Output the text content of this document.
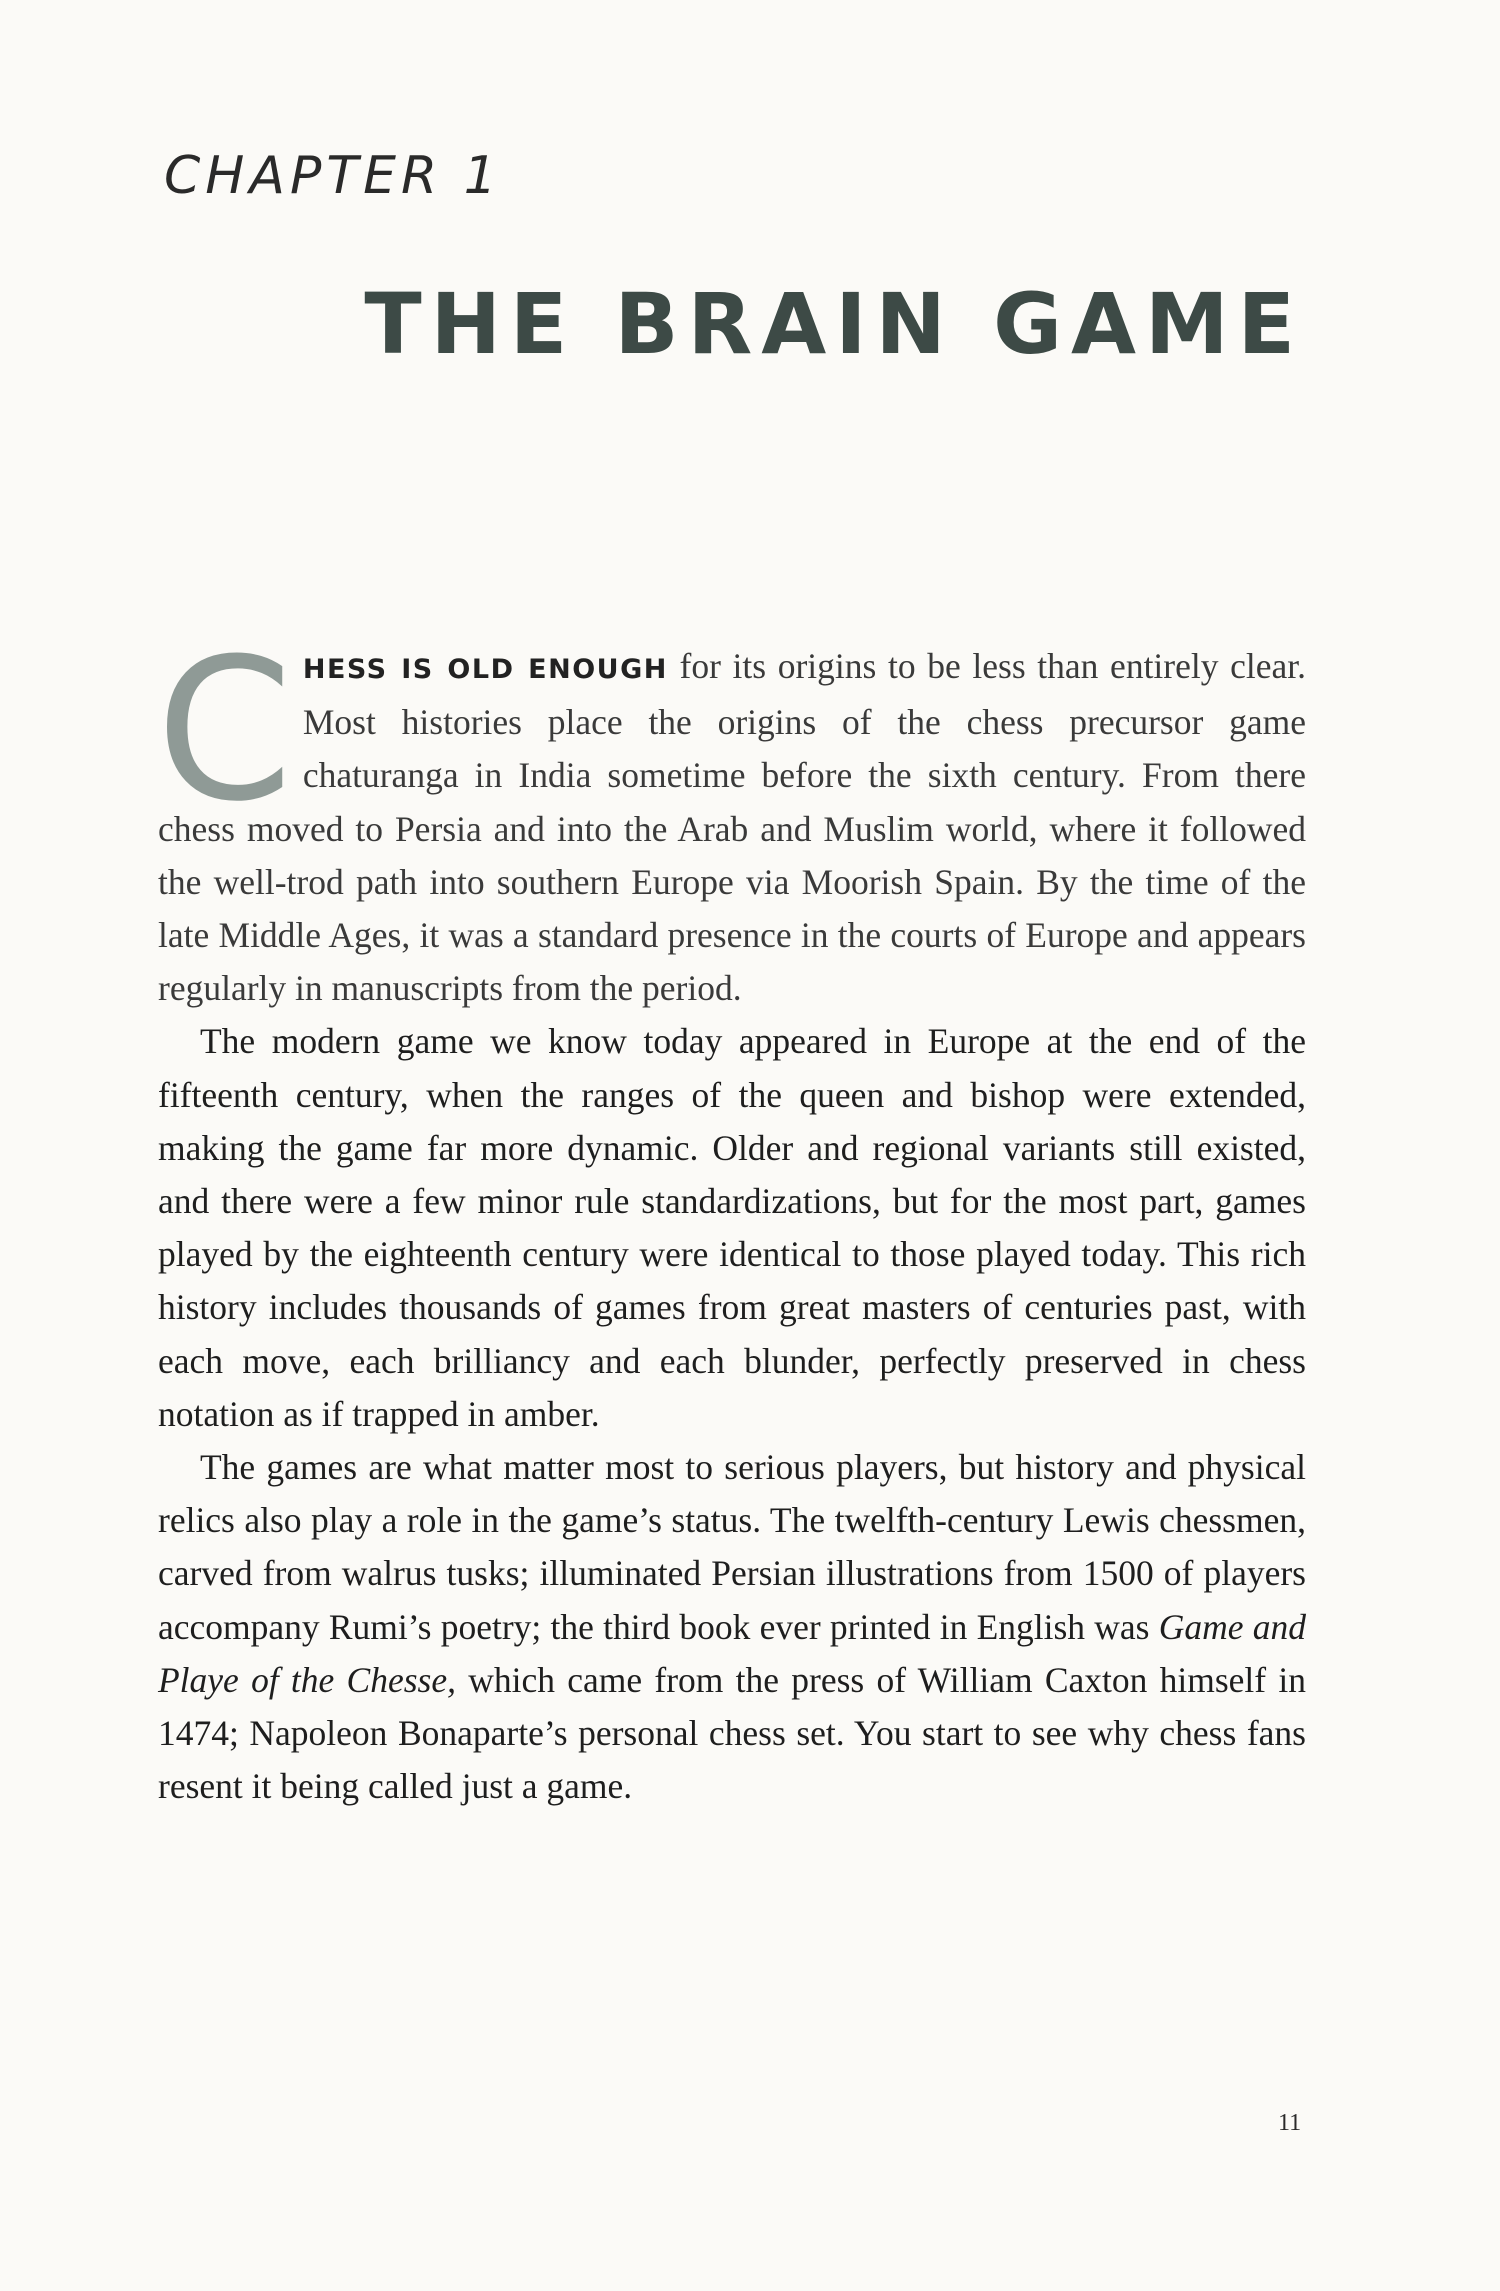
CHAPTER 1
THE BRAIN GAME

CHESS IS OLD ENOUGH for its origins to be less than entirely clear. Most histories place the origins of the chess precursor game chaturanga in India sometime before the sixth century. From there chess moved to Persia and into the Arab and Muslim world, where it followed the well-trod path into southern Europe via Moorish Spain. By the time of the late Middle Ages, it was a standard presence in the courts of Europe and appears regularly in manuscripts from the period.

The modern game we know today appeared in Europe at the end of the fifteenth century, when the ranges of the queen and bishop were extended, making the game far more dynamic. Older and regional variants still existed, and there were a few minor rule standardizations, but for the most part, games played by the eighteenth century were identical to those played today. This rich history includes thousands of games from great masters of centuries past, with each move, each brilliancy and each blunder, perfectly preserved in chess notation as if trapped in amber.

The games are what matter most to serious players, but history and physical relics also play a role in the game’s status. The twelfth-century Lewis chessmen, carved from walrus tusks; illuminated Persian illustrations from 1500 of players accompany Rumi’s poetry; the third book ever printed in English was Game and Playe of the Chesse, which came from the press of William Caxton himself in 1474; Napoleon Bonaparte’s personal chess set. You start to see why chess fans resent it being called just a game.

11
